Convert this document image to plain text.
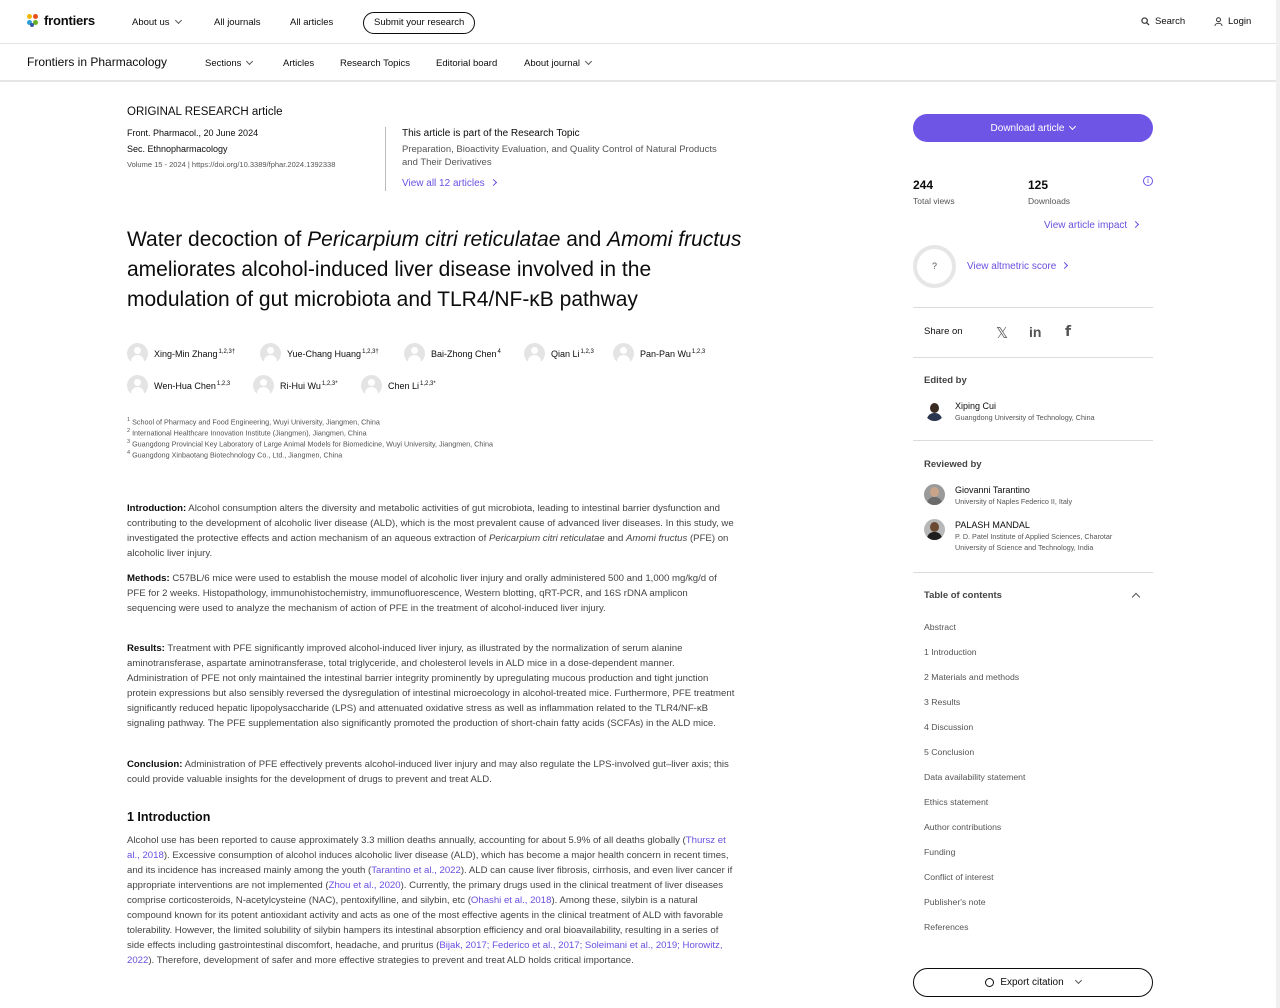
frontiers	About us	All journals	All articles	Submit your research	Search	Login
Frontiers in Pharmacology	Sections	Articles	Research Topics	Editorial board	About journal
ORIGINAL RESEARCH article
Front. Pharmacol., 20 June 2024
Sec. Ethnopharmacology
Volume 15 - 2024 | https://doi.org/10.3389/fphar.2024.1392338
This article is part of the Research Topic
Preparation, Bioactivity Evaluation, and Quality Control of Natural Products and Their Derivatives
View all 12 articles
Water decoction of Pericarpium citri reticulatae and Amomi fructus ameliorates alcohol-induced liver disease involved in the modulation of gut microbiota and TLR4/NF-κB pathway
Xing-Min Zhang$^{1,2,3\dagger}$	Yue-Chang Huang$^{1,2,3\dagger}$	Bai-Zhong Chen$^4$	Qian Li$^{1,2,3}$	Pan-Pan Wu$^{1,2,3}$
Wen-Hua Chen$^{1,2,3}$	Ri-Hui $Wu^{1,2,3*}$	Chen $Li^{1,2,3*}$
$^1$ School of Pharmacy and Food Engineering, Wuyi University, Jiangmen, China
$^2$ International Healthcare Innovation Institute (Jiangmen), Jiangmen, China
$^3$ Guangdong Provincial Key Laboratory of Large Animal Models for Biomedicine, Wuyi University, Jiangmen, China
$^4$ Guangdong Xinbaotang Biotechnology Co., Ltd., Jiangmen, China

Introduction: Alcohol consumption alters the diversity and metabolic activities of gut microbiota, leading to intestinal barrier dysfunction and contributing to the development of alcoholic liver disease (ALD), which is the most prevalent cause of advanced liver diseases. In this study, we investigated the protective effects and action mechanism of an aqueous extraction of Pericarpium citri reticulatae and Amomi fructus (PFE) on alcoholic liver injury.

Methods: C57BL/6 mice were used to establish the mouse model of alcoholic liver injury and orally administered 500 and 1,000 mg/kg/d of PFE for 2 weeks. Histopathology, immunohistochemistry, immunofluorescence, Western blotting, qRT-PCR, and 16S rDNA amplicon sequencing were used to analyze the mechanism of action of PFE in the treatment of alcohol-induced liver injury.

Results: Treatment with PFE significantly improved alcohol-induced liver injury, as illustrated by the normalization of serum alanine aminotransferase, aspartate aminotransferase, total triglyceride, and cholesterol levels in ALD mice in a dose-dependent manner. Administration of PFE not only maintained the intestinal barrier integrity prominently by upregulating mucous production and tight junction protein expressions but also sensibly reversed the dysregulation of intestinal microecology in alcohol-treated mice. Furthermore, PFE treatment significantly reduced hepatic lipopolysaccharide (LPS) and attenuated oxidative stress as well as inflammation related to the TLR4/NF-κB signaling pathway. The PFE supplementation also significantly promoted the production of short-chain fatty acids (SCFAs) in the ALD mice.

Conclusion: Administration of PFE effectively prevents alcohol-induced liver injury and may also regulate the LPS-involved gut–liver axis; this could provide valuable insights for the development of drugs to prevent and treat ALD.

1 Introduction

Alcohol use has been reported to cause approximately 3.3 million deaths annually, accounting for about 5.9% of all deaths globally (Thursz et al., 2018). Excessive consumption of alcohol induces alcoholic liver disease (ALD), which has become a major health concern in recent times, and its incidence has increased mainly among the youth (Tarantino et al., 2022). ALD can cause liver fibrosis, cirrhosis, and even liver cancer if appropriate interventions are not implemented (Zhou et al., 2020). Currently, the primary drugs used in the clinical treatment of liver diseases comprise corticosteroids, N-acetylcysteine (NAC), pentoxifylline, and silybin, etc (Ohashi et al., 2018). Among these, silybin is a natural compound known for its potent antioxidant activity and acts as one of the most effective agents in the clinical treatment of ALD with favorable tolerability. However, the limited solubility of silybin hampers its intestinal absorption efficiency and oral bioavailability, resulting in a series of side effects including gastrointestinal discomfort, headache, and pruritus (Bijak, 2017; Federico et al., 2017; Soleimani et al., 2019; Horowitz, 2022). Therefore, development of safer and more effective strategies to prevent and treat ALD holds critical importance.

Download article
244
Total views
125
Downloads
i
View article impact
?	View altmetric score
Share on 𝕏 in f
Edited by
Xiping Cui
Guangdong University of Technology, China
Reviewed by
Giovanni Tarantino
University of Naples Federico II, Italy
PALASH MANDAL
P. D. Patel Institute of Applied Sciences, Charotar University of Science and Technology, India
Table of contents
Abstract
1 Introduction
2 Materials and methods
3 Results
4 Discussion
5 Conclusion
Data availability statement
Ethics statement
Author contributions
Funding
Conflict of interest
Publisher's note
References
Export citation
